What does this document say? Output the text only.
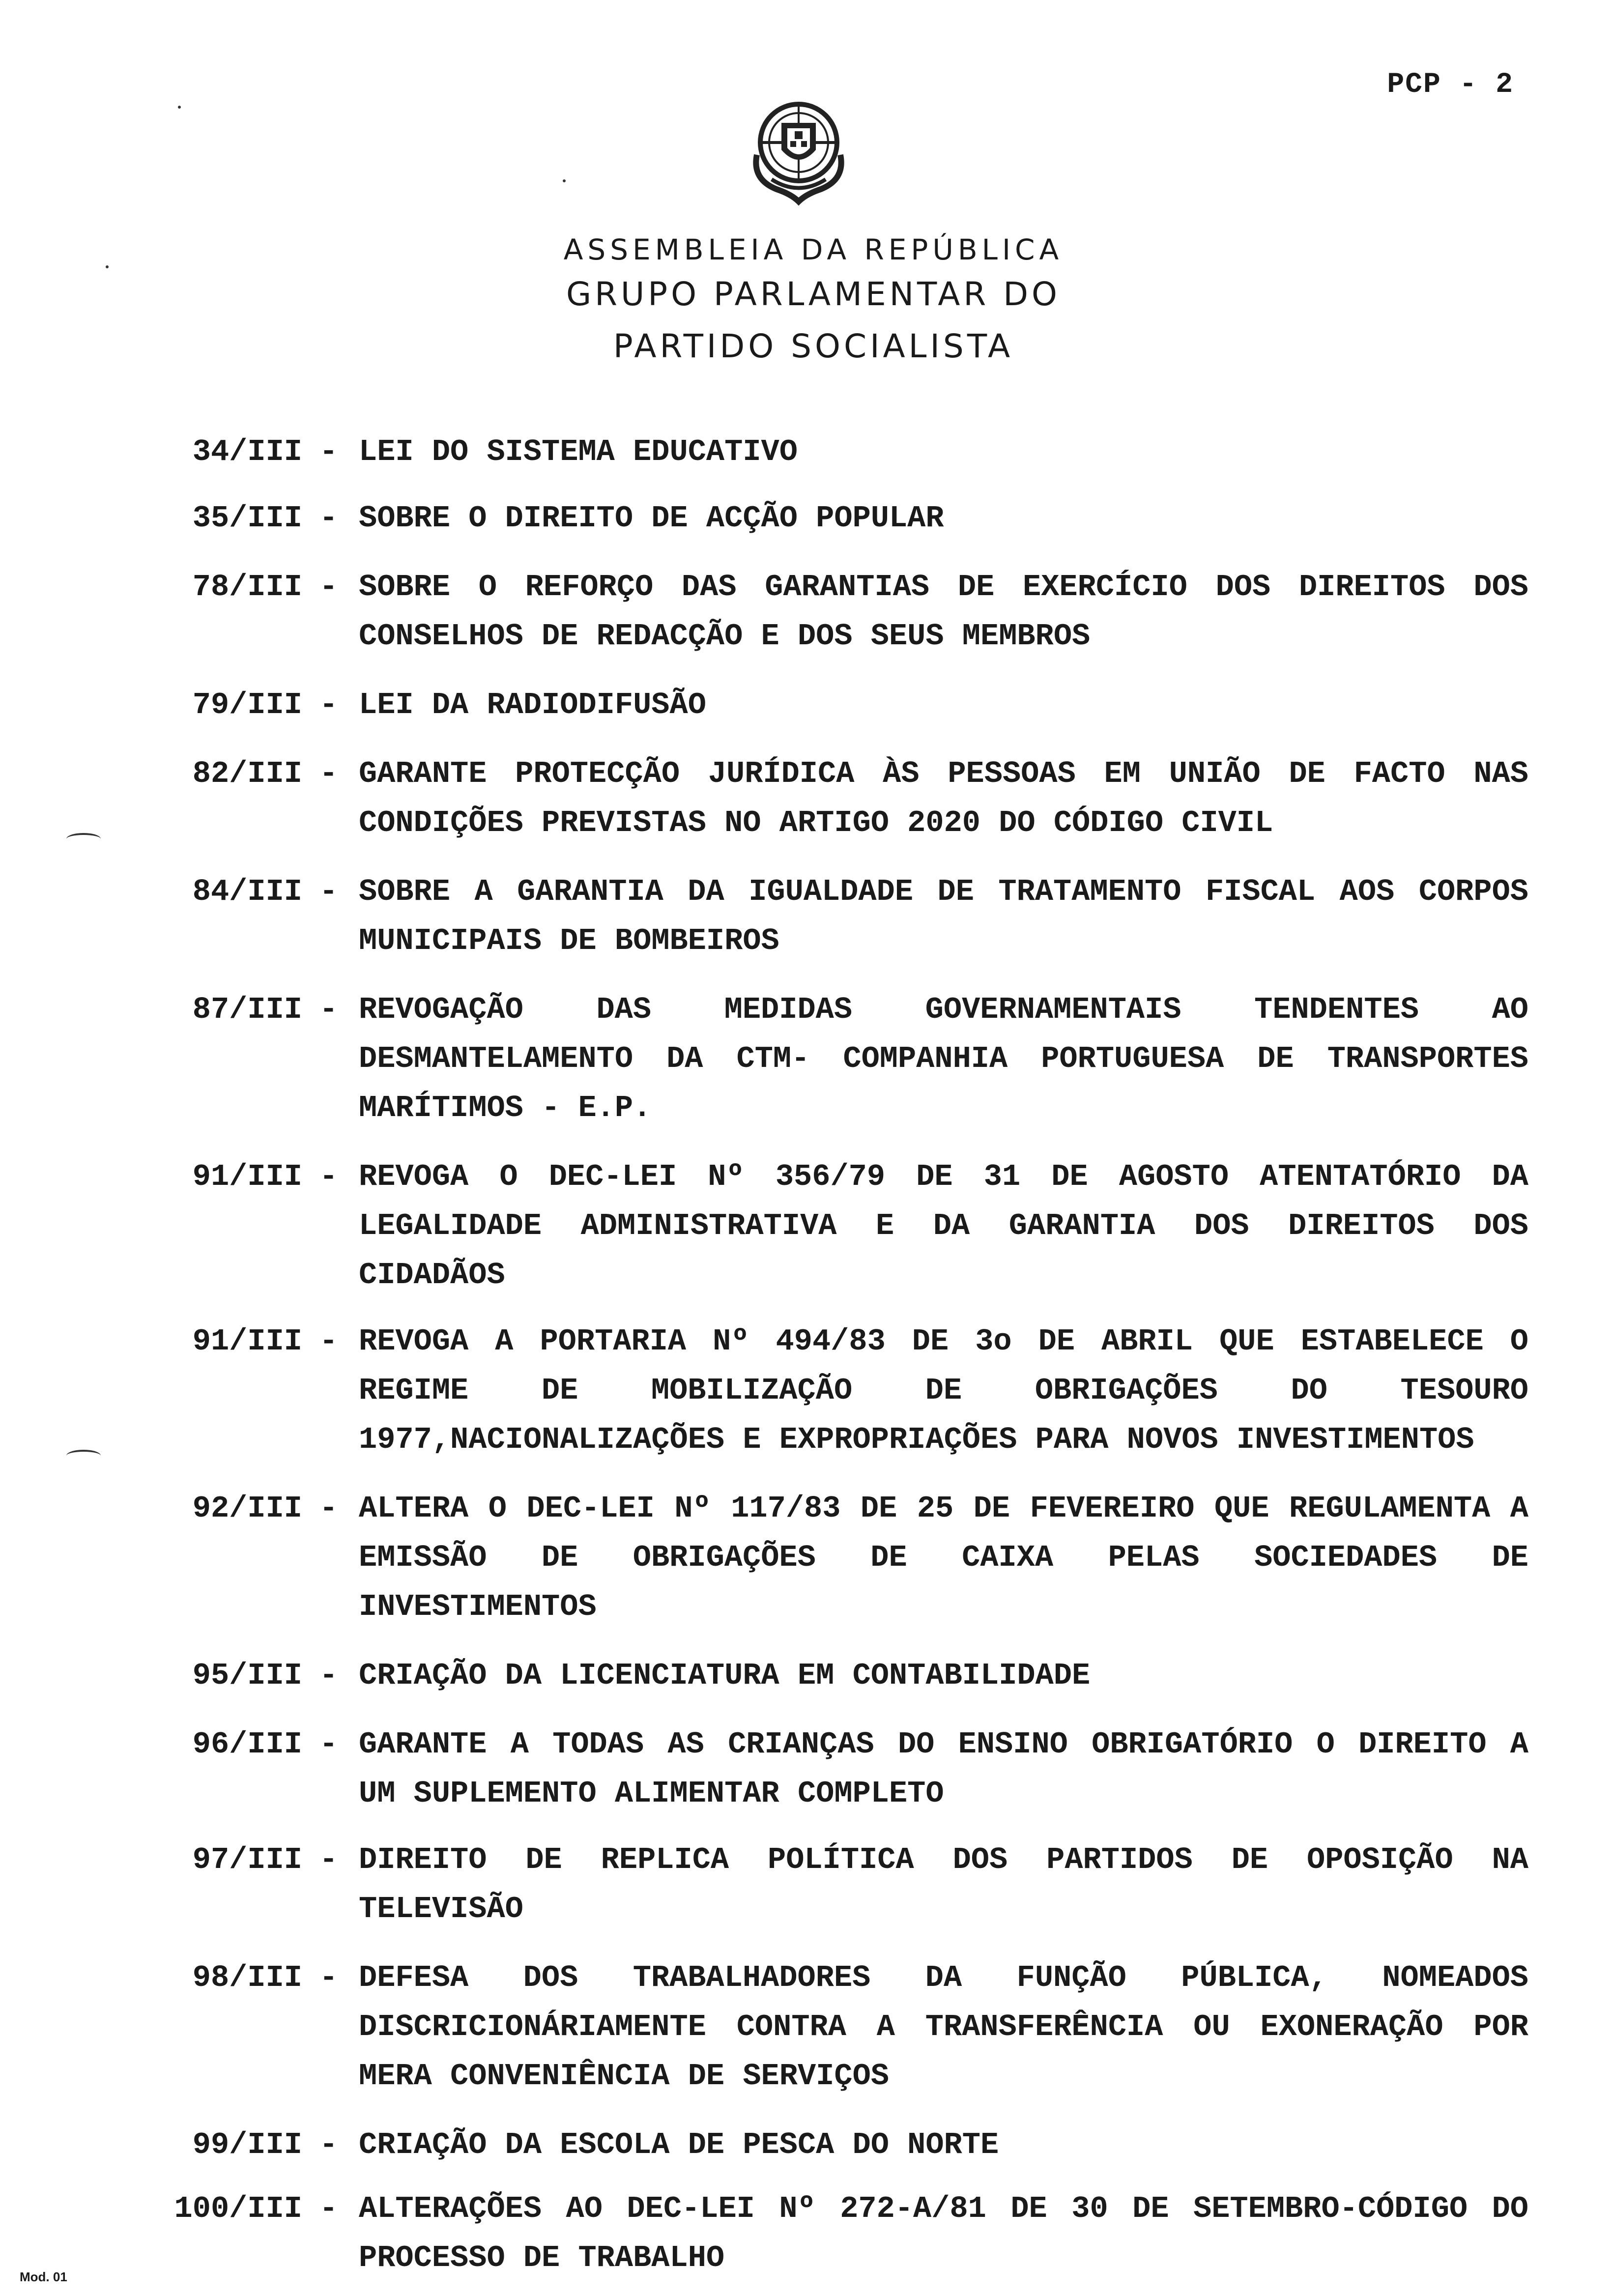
PCP - 2
ASSEMBLEIA DA REPÚBLICA
GRUPO PARLAMENTAR DO
PARTIDO SOCIALISTA
34/III - LEI DO SISTEMA EDUCATIVO
35/III - SOBRE O DIREITO DE ACÇÃO POPULAR
78/III - SOBRE O REFORÇO DAS GARANTIAS DE EXERCÍCIO DOS DIREITOS DOS CONSELHOS DE REDACÇÃO E DOS SEUS MEMBROS
79/III - LEI DA RADIODIFUSÃO
82/III - GARANTE PROTECÇÃO JURÍDICA ÀS PESSOAS EM UNIÃO DE FACTO NAS CONDIÇÕES PREVISTAS NO ARTIGO 2020 DO CÓDIGO CIVIL
84/III - SOBRE A GARANTIA DA IGUALDADE DE TRATAMENTO FISCAL AOS CORPOS MUNICIPAIS DE BOMBEIROS
87/III - REVOGAÇÃO DAS MEDIDAS GOVERNAMENTAIS TENDENTES AO DESMANTELAMENTO DA CTM- COMPANHIA PORTUGUESA DE TRANSPORTES MARÍTIMOS - E.P.
91/III - REVOGA O DEC-LEI Nº 356/79 DE 31 DE AGOSTO ATENTATÓRIO DA LEGALIDADE ADMINISTRATIVA E DA GARANTIA DOS DIREITOS DOS CIDADÃOS
91/III - REVOGA A PORTARIA Nº 494/83 DE 3o DE ABRIL QUE ESTABELECE O REGIME DE MOBILIZAÇÃO DE OBRIGAÇÕES DO TESOURO 1977,NACIONALIZAÇÕES E EXPROPRIAÇÕES PARA NOVOS INVESTIMENTOS
92/III - ALTERA O DEC-LEI Nº 117/83 DE 25 DE FEVEREIRO QUE REGULAMENTA A EMISSÃO DE OBRIGAÇÕES DE CAIXA PELAS SOCIEDADES DE INVESTIMENTOS
95/III - CRIAÇÃO DA LICENCIATURA EM CONTABILIDADE
96/III - GARANTE A TODAS AS CRIANÇAS DO ENSINO OBRIGATÓRIO O DIREITO A UM SUPLEMENTO ALIMENTAR COMPLETO
97/III - DIREITO DE REPLICA POLÍTICA DOS PARTIDOS DE OPOSIÇÃO NA TELEVISÃO
98/III - DEFESA DOS TRABALHADORES DA FUNÇÃO PÚBLICA, NOMEADOS DISCRICIONÁRIAMENTE CONTRA A TRANSFERÊNCIA OU EXONERAÇÃO POR MERA CONVENIÊNCIA DE SERVIÇOS
99/III - CRIAÇÃO DA ESCOLA DE PESCA DO NORTE
100/III - ALTERAÇÕES AO DEC-LEI Nº 272-A/81 DE 30 DE SETEMBRO-CÓDIGO DO PROCESSO DE TRABALHO
Mod. 01
